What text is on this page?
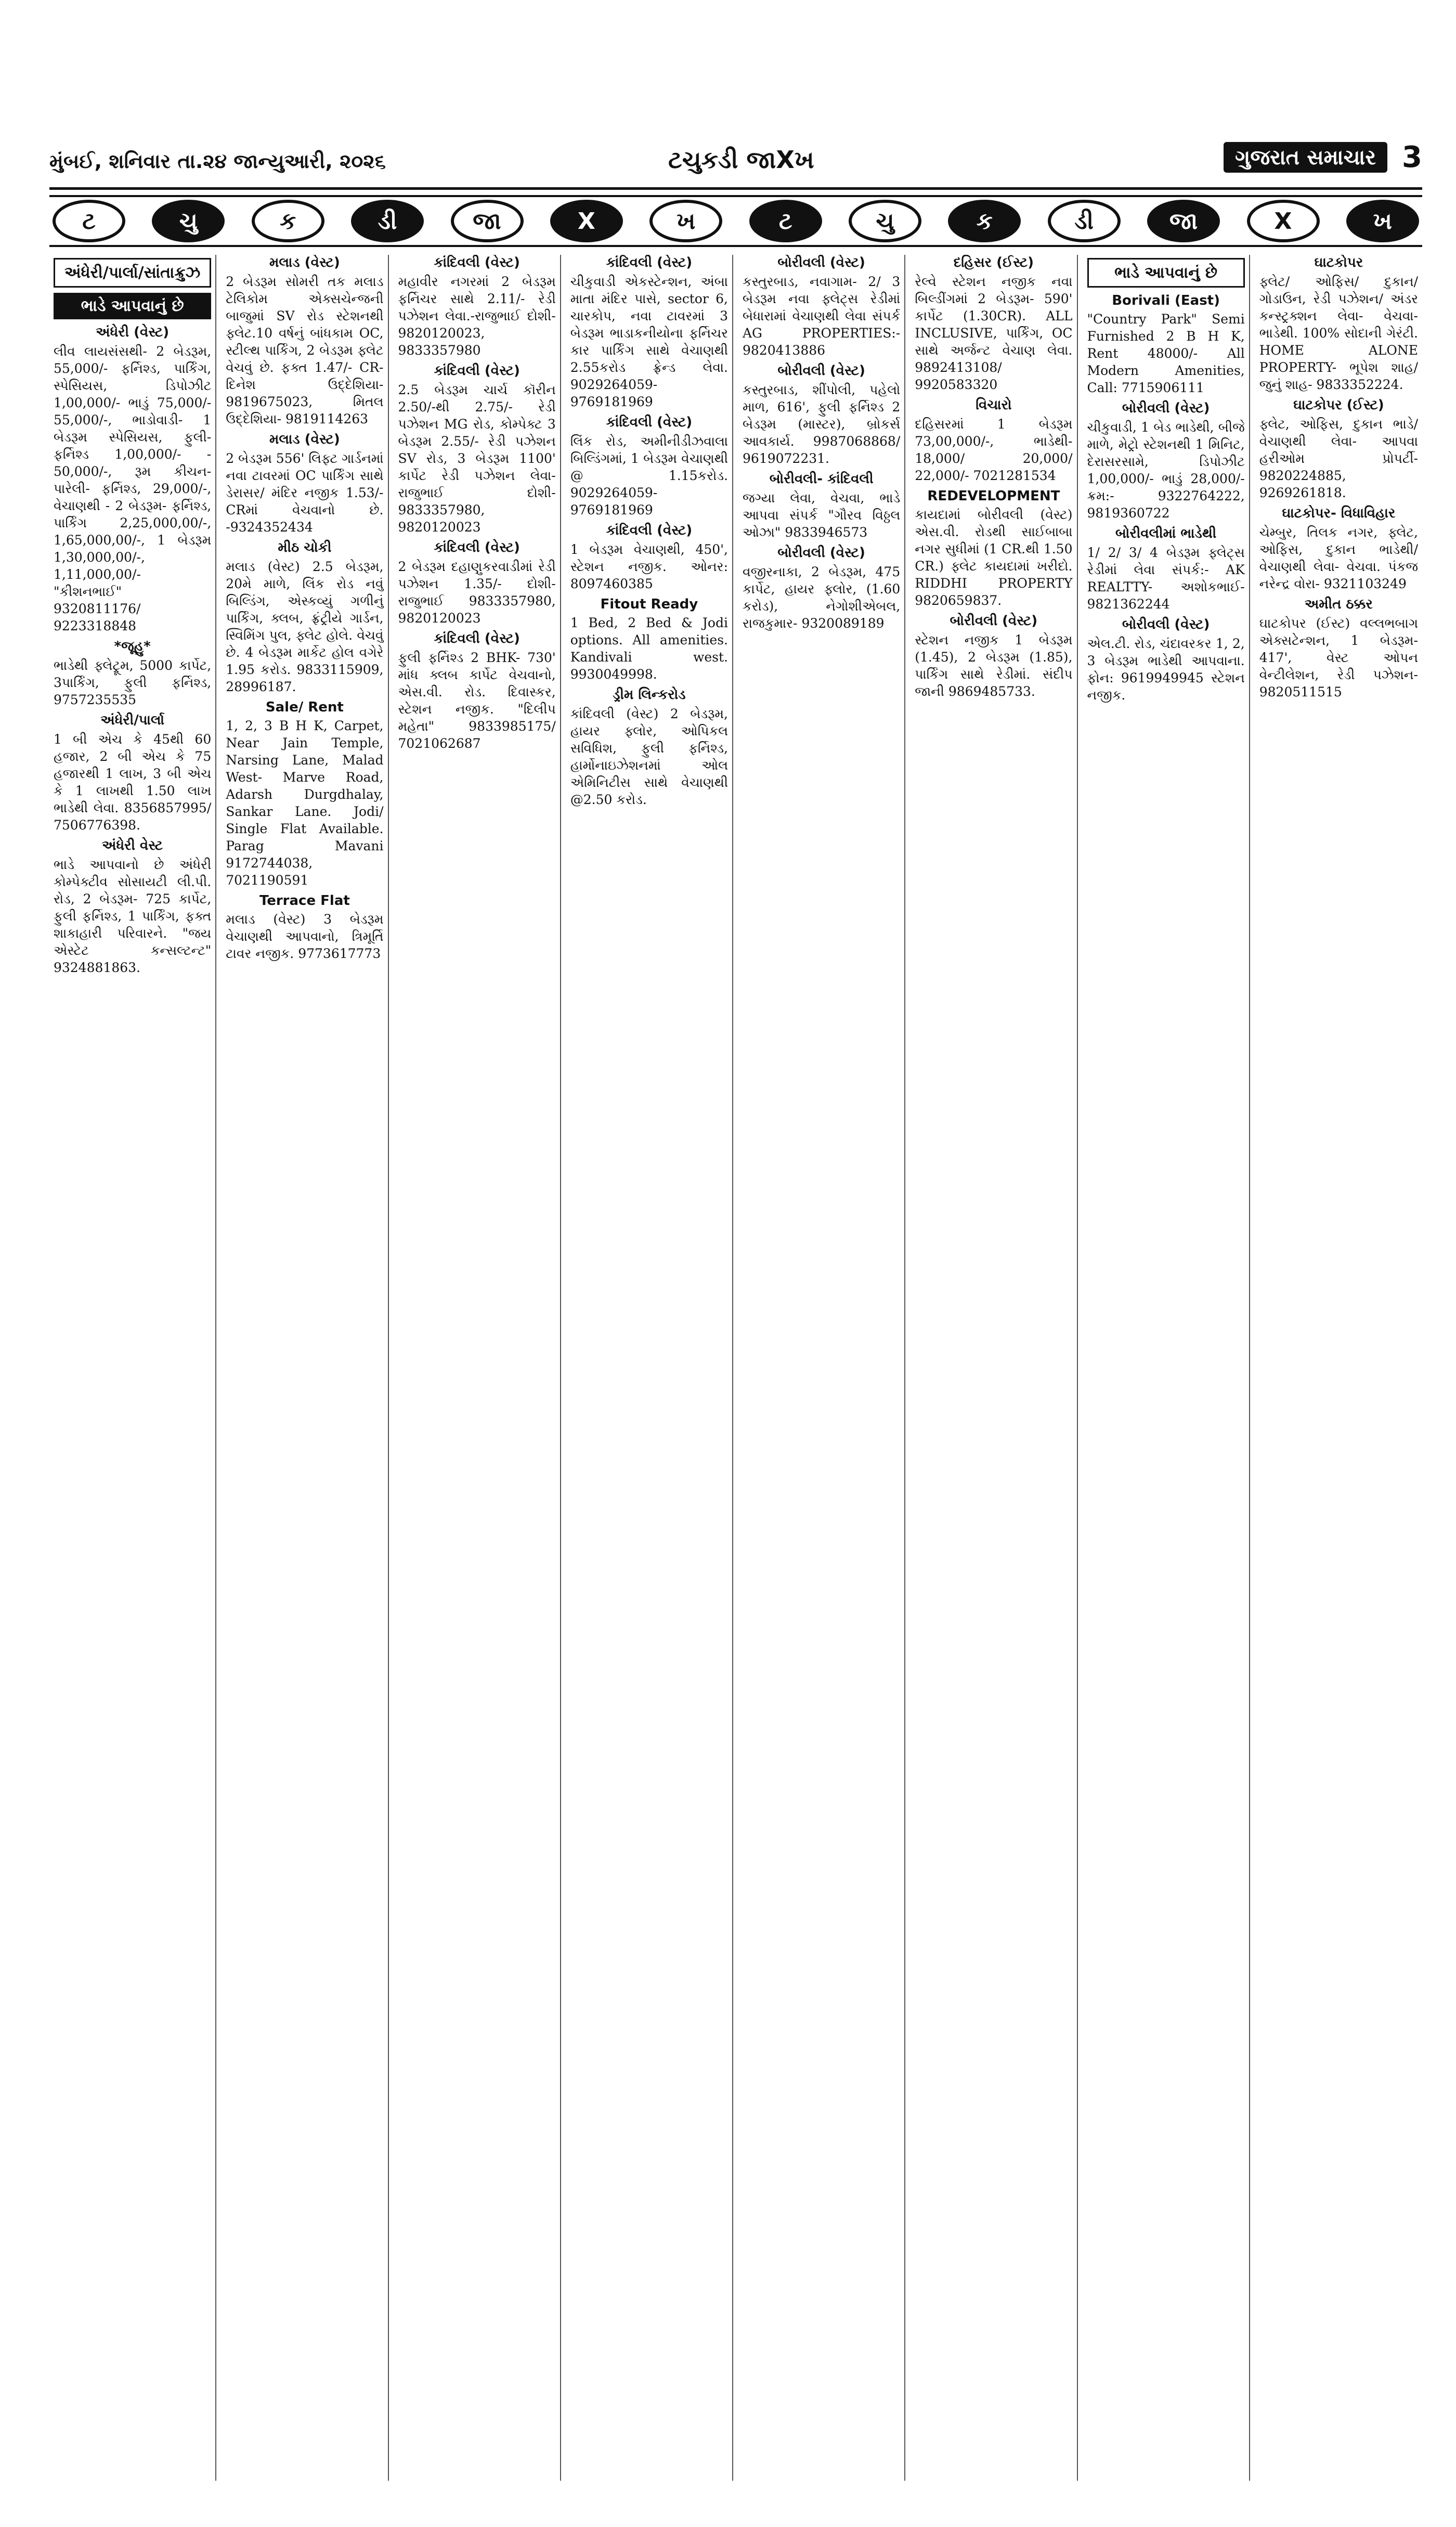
મુંબઈ, શનિવાર તા.૨૪ જાન્યુઆરી, ૨૦૨૬	ટચુકડી જાXખ	ગુજરાત સમાચાર 3
ટ	ચુ	ક	ડી	જા	X	ખ	ટ	ચુ	ક	ડી	જા	X	ખ
અંધેરી/પાર્લા/સાંતાક્રુઝ
ભાડે આપવાનું છે
અંધેરી (વેસ્ટ)
લીવ લાયસંસથી- 2 બેડરૂમ, 55,000/- ફર્નિશ્ડ, પાર્કિંગ, સ્પેસિયસ, ડિપોઝીટ 1,00,000/- ભાડું 75,000/- 55,000/-, ભાડોવાડી- 1 બેડરૂમ સ્પેસિયસ, ફુલી- ફર્નિશ્ડ 1,00,000/- - 50,000/-, રૂમ કીચન- પારેલી- ફર્નિશ્ડ, 29,000/-, વેચાણથી - 2 બેડરૂમ- ફર્નિશ્ડ, પાર્કિંગ 2,25,000,00/-, 1,65,000,00/-, 1 બેડરૂમ 1,30,000,00/-, 1,11,000,00/- "કીશનભાઈ" 9320811176/ 9223318848
*જૂહુ*
ભાડેથી ફ્લેટ્રૂમ, 5000 કાર્પેટ, 3પાર્કિંગ, ફુલી ફર્નિશ્ડ, 9757235535
અંધેરી/પાર્લા
1 બી એચ કે 45થી 60 હજાર, 2 બી એચ કે 75 હજારથી 1 લાખ, 3 બી એચ કે 1 લાખથી 1.50 લાખ ભાડેથી લેવા. 8356857995/ 7506776398.
અંધેરી વેસ્ટ
ભાડે આપવાનો છે અંધેરી કોમ્પેક્ટીવ સોસાયટી લી.પી. રોડ, 2 બેડરૂમ- 725 કાર્પેટ, ફુલી ફર્નિશ્ડ, 1 પાર્કિંગ, ફક્ત શાકાહારી પરિવારને. "જય એસ્ટેટ કન્સલ્ટન્ટ" 9324881863.
મલાડ (વેસ્ટ)
2 બેડરૂમ સોમરી તક મલાડ ટેલિકોમ એક્સચેન્જની બાજુમાં SV રોડ સ્ટેશનથી ફ્લેટ.10 વર્ષનું બાંધકામ OC, સ્ટીલ્થ પાર્કિંગ, 2 બેડરૂમ ફ્લેટ વેચવું છે. ફક્ત 1.47/- CR- દિનેશ ઉદ્દેશિયા- 9819675023, મિતલ ઉદ્દેશિયા- 9819114263
મલાડ (વેસ્ટ)
2 બેડરૂમ 556' લિફ્ટ ગાર્ડનમાં નવા ટાવરમાં OC પાર્કિંગ સાથે ડેરાસર/ મંદિર નજીક 1.53/-CRમાં વેચવાનો છે. -9324352434
મીઠ ચોકી
મલાડ (વેસ્ટ) 2.5 બેડરૂમ, 20મે માળે, લિંક રોડ નવું બિલ્ડિંગ, એસ્કવ્યું ગળીનું પાર્કિંગ, ક્લબ, ફ્રંટ્રીયે ગાર્ડન, સ્વિમિંગ પુલ, ફ્લેટ હોલે. વેચવું છે. 4 બેડરૂમ માર્કેટ હોલ વગેરે 1.95 કરોડ. 9833115909, 28996187.
Sale/ Rent
1, 2, 3 B H K, Carpet, Near Jain Temple, Narsing Lane, Malad West- Marve Road, Adarsh Durgdhalay, Sankar Lane. Jodi/ Single Flat Available. Parag Mavani 9172744038, 7021190591
Terrace Flat
મલાડ (વેસ્ટ) 3 બેડરૂમ વેચાણથી આપવાનો, ત્રિમૂર્તિ ટાવર નજીક. 9773617773
કાંદિવલી (વેસ્ટ)
મહાવીર નગરમાં 2 બેડરૂમ ફર્નિચર સાથે 2.11/- રેડી પઝેશન લેવા.-રાજુભાઈ દોશી- 9820120023, 9833357980
કાંદિવલી (વેસ્ટ)
2.5 બેડરૂમ ચાર્ચ કૉરીન 2.50/-થી 2.75/- રેડી પઝેશન MG રોડ, કોમ્પેક્ટ 3 બેડરૂમ 2.55/- રેડી પઝેશન SV રોડ, 3 બેડરૂમ 1100' કાર્પેટ રેડી પઝેશન લેવા- રાજુભાઈ દોશી- 9833357980, 9820120023
કાંદિવલી (વેસ્ટ)
2 બેડરૂમ દહાણુકરવાડીમાં રેડી પઝેશન 1.35/- દોશી- રાજુભાઈ 9833357980, 9820120023
કાંદિવલી (વેસ્ટ)
ફુલી ફર્નિશ્ડ 2 BHK- 730' માંધ ક્લબ કાર્પેટ વેચવાનો, એસ.વી. રોડ. દિવાસ્કર, સ્ટેશન નજીક. "દિલીપ મહેતા" 9833985175/ 7021062687
કાંદિવલી (વેસ્ટ)
ચીકુવાડી એકસ્ટેન્શન, અંબા માતા મંદિર પાસે, sector 6, ચારકોપ, નવા ટાવરમાં 3 બેડરૂમ ભાડાકનીયોના ફર્નિચર કાર પાર્કિંગ સાથે વેચાણથી 2.55કરોડ ફ્રેન્ડ લેવા. 9029264059- 9769181969
કાંદિવલી (વેસ્ટ)
લિંક રોડ, અમીનીડીઝવાલા બિલ્ડિંગમાં, 1 બેડરૂમ વેચાણથી @ 1.15કરોડ. 9029264059- 9769181969
કાંદિવલી (વેસ્ટ)
1 બેડરૂમ વેચાણથી, 450', સ્ટેશન નજીક. ઓનર: 8097460385
Fitout Ready
1 Bed, 2 Bed & Jodi options. All amenities. Kandivali west. 9930049998.
ડ્રીમ લિન્કરોડ
કાંદિવલી (વેસ્ટ) 2 બેડરૂમ, હાયર ફ્લોર, ઓપિકલ સવિધિશ, ફુલી ફર્નિશ્ડ, હાર્મોનાઇઝેશનમાં ઓલ એમિનિટીસ સાથે વેચાણથી @2.50 કરોડ.
બોરીવલી (વેસ્ટ)
કસ્તુરબાડ, નવાગામ- 2/ 3 બેડરૂમ નવા ફ્લેટ્સ રેડીમાં બેધારામાં વેચાણથી લેવા સંપર્ક AG PROPERTIES:- 9820413886
બોરીવલી (વેસ્ટ)
કસ્તુરબાડ, શીંપોલી, પહેલો માળ, 616', ફુલી ફર્નિશ્ડ 2 બેડરૂમ (માસ્ટર), બ્રોકર્સ આવકાર્ય. 9987068868/ 9619072231.
બોરીવલી- કાંદિવલી
જગ્યા લેવા, વેચવા, ભાડે આપવા સંપર્ક "ગૌરવ વિઠ્ઠલ ઓઝા" 9833946573
બોરીવલી (વેસ્ટ)
વજીરનાકા, 2 બેડરૂમ, 475 કાર્પેટ, હાયર ફ્લોર, (1.60 કરોડ), નેગોશીએબલ, રાજકુમાર- 9320089189
દહિસર (ઈસ્ટ)
રેલ્વે સ્ટેશન નજીક નવા બિલ્ડીંગમાં 2 બેડરૂમ- 590' કાર્પેટ (1.30CR). ALL INCLUSIVE, પાર્કિંગ, OC સાથે અર્જન્ટ વેચાણ લેવા. 9892413108/ 9920583320
વિચારો
દહિસરમાં 1 બેડરૂમ 73,00,000/-, ભાડેથી- 18,000/ 20,000/ 22,000/- 7021281534
REDEVELOPMENT
કાયદામાં બોરીવલી (વેસ્ટ) એસ.વી. રોડથી સાઈબાબા નગર સુધીમાં (1 CR.થી 1.50 CR.) ફ્લેટ કાયદામાં ખરીદો. RIDDHI PROPERTY 9820659837.
બોરીવલી (વેસ્ટ)
સ્ટેશન નજીક 1 બેડરૂમ (1.45), 2 બેડરૂમ (1.85), પાર્કિંગ સાથે રેડીમાં. સંદીપ જાની 9869485733.
ભાડે આપવાનું છે
Borivali (East)
"Country Park" Semi Furnished 2 B H K, Rent 48000/- All Modern Amenities, Call: 7715906111
બોરીવલી (વેસ્ટ)
ચીકુવાડી, 1 બેડ ભાડેથી, બીજે માળે, મેટ્રો સ્ટેશનથી 1 મિનિટ, દેરાસરસામે, ડિપોઝીટ 1,00,000/- ભાડું 28,000/- ક્રમ:- 9322764222, 9819360722
બોરીવલીમાં ભાડેથી
1/ 2/ 3/ 4 બેડરૂમ ફ્લેટ્સ રેડીમાં લેવા સંપર્ક:- AK REALTTY- અશોકભાઈ- 9821362244
બોરીવલી (વેસ્ટ)
એલ.ટી. રોડ, ચંદાવરકર 1, 2, 3 બેડરૂમ ભાડેથી આપવાના. ફોન: 9619949945 સ્ટેશન નજીક.
ઘાટકોપર
ફ્લેટ/ ઓફિસ/ દુકાન/ ગોડાઉન, રેડી પઝેશન/ અંડર કન્સ્ટ્રક્શન લેવા- વેચવા- ભાડેથી. 100% સોદાની ગેરંટી. HOME ALONE PROPERTY- ભૂપેશ શાહ/ જુનું શાહ- 9833352224.
ઘાટકોપર (ઈસ્ટ)
ફ્લેટ, ઓફિસ, દુકાન ભાડે/ વેચાણથી લેવા- આપવા હરીઓમ પ્રોપર્ટી- 9820224885, 9269261818.
ઘાટકોપર- વિધાવિહાર
ચેમ્બુર, તિલક નગર, ફ્લેટ, ઓફિસ, દુકાન ભાડેથી/ વેચાણથી લેવા- વેચવા. પંકજ નરેન્દ્ર વોરા- 9321103249
અમીત ઠક્કર
ઘાટકોપર (ઈસ્ટ) વલ્લભબાગ એક્સટેન્શન, 1 બેડરૂમ- 417', વેસ્ટ ઓપન વેન્ટીલેશન, રેડી પઝેશન- 9820511515
